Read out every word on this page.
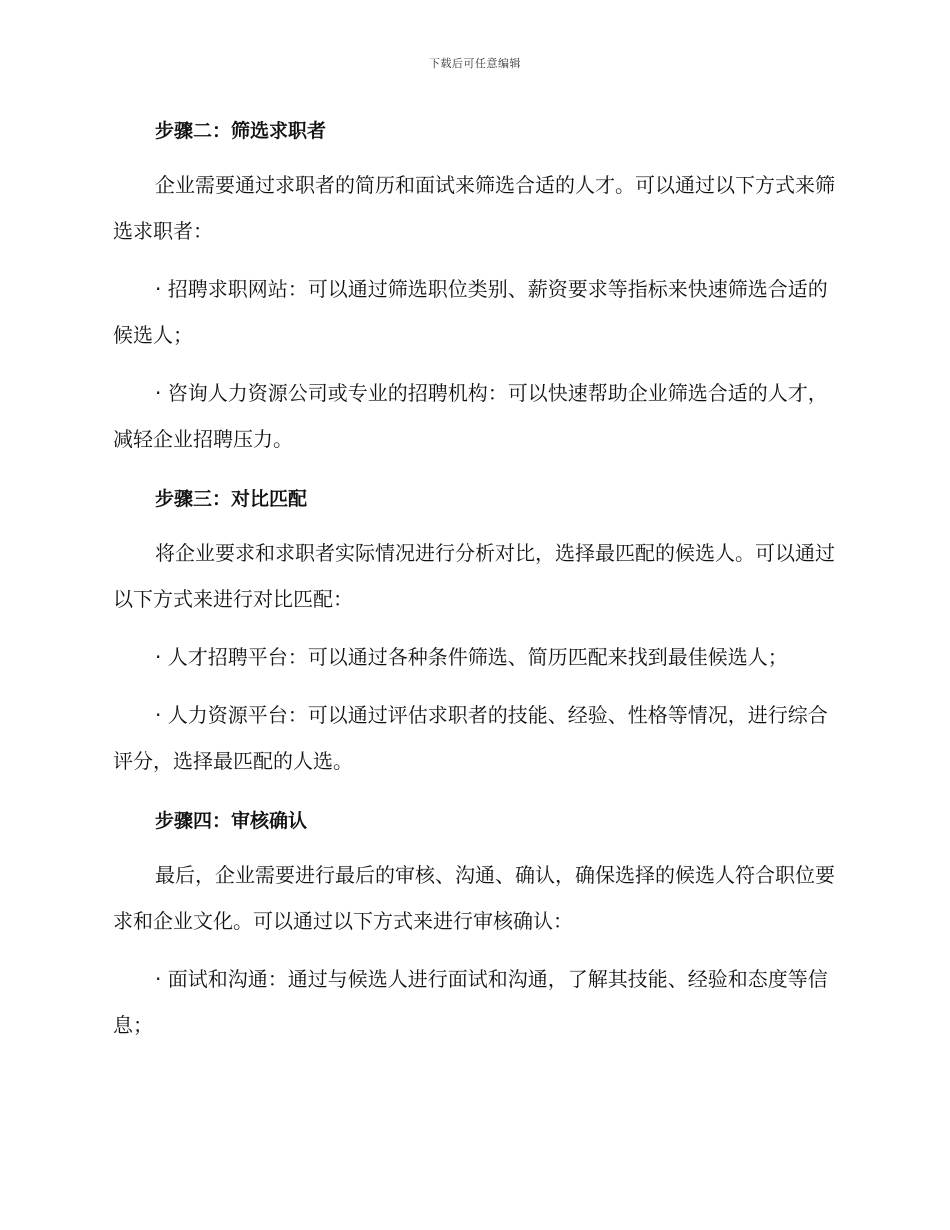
下载后可任意编辑

步骤二：筛选求职者

企业需要通过求职者的简历和面试来筛选合适的人才。可以通过以下方式来筛选求职者：

· 招聘求职网站：可以通过筛选职位类别、薪资要求等指标来快速筛选合适的候选人；

· 咨询人力资源公司或专业的招聘机构：可以快速帮助企业筛选合适的人才，减轻企业招聘压力。

步骤三：对比匹配

将企业要求和求职者实际情况进行分析对比，选择最匹配的候选人。可以通过以下方式来进行对比匹配：

· 人才招聘平台：可以通过各种条件筛选、简历匹配来找到最佳候选人；

· 人力资源平台：可以通过评估求职者的技能、经验、性格等情况，进行综合评分，选择最匹配的人选。

步骤四：审核确认

最后，企业需要进行最后的审核、沟通、确认，确保选择的候选人符合职位要求和企业文化。可以通过以下方式来进行审核确认：

· 面试和沟通：通过与候选人进行面试和沟通，了解其技能、经验和态度等信息；
